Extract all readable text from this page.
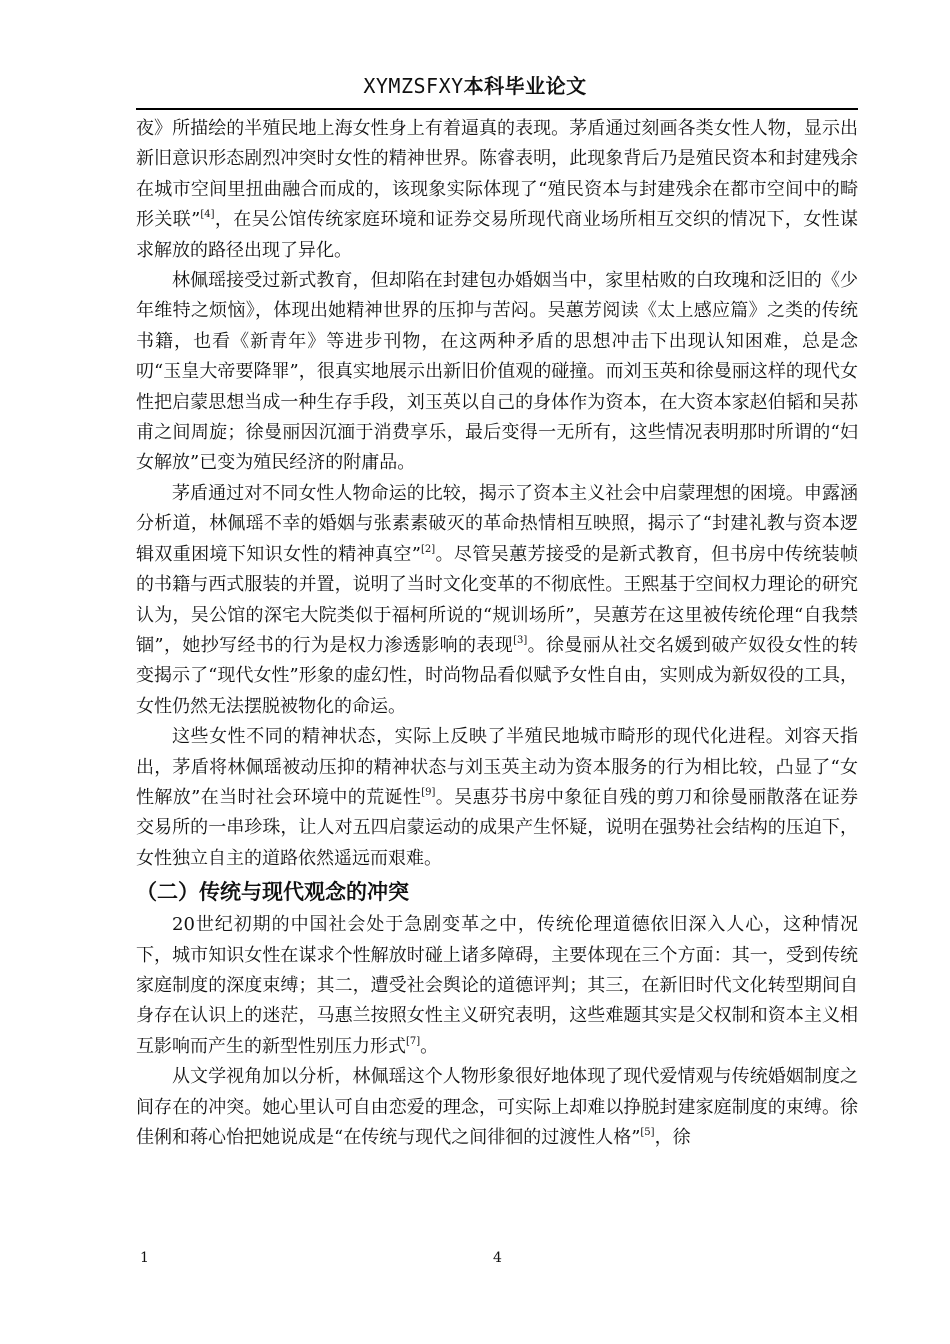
XYMZSFXY本科毕业论文

夜》所描绘的半殖民地上海女性身上有着逼真的表现。茅盾通过刻画各类女性人物，显示出新旧意识形态剧烈冲突时女性的精神世界。陈睿表明，此现象背后乃是殖民资本和封建残余在城市空间里扭曲融合而成的，该现象实际体现了“殖民资本与封建残余在都市空间中的畸形关联”[4]，在吴公馆传统家庭环境和证券交易所现代商业场所相互交织的情况下，女性谋求解放的路径出现了异化。

林佩瑶接受过新式教育，但却陷在封建包办婚姻当中，家里枯败的白玫瑰和泛旧的《少年维特之烦恼》，体现出她精神世界的压抑与苦闷。吴蕙芳阅读《太上感应篇》之类的传统书籍，也看《新青年》等进步刊物，在这两种矛盾的思想冲击下出现认知困难，总是念叨“玉皇大帝要降罪”，很真实地展示出新旧价值观的碰撞。而刘玉英和徐曼丽这样的现代女性把启蒙思想当成一种生存手段，刘玉英以自己的身体作为资本，在大资本家赵伯韬和吴荪甫之间周旋；徐曼丽因沉湎于消费享乐，最后变得一无所有，这些情况表明那时所谓的“妇女解放”已变为殖民经济的附庸品。

茅盾通过对不同女性人物命运的比较，揭示了资本主义社会中启蒙理想的困境。申露涵分析道，林佩瑶不幸的婚姻与张素素破灭的革命热情相互映照，揭示了“封建礼教与资本逻辑双重困境下知识女性的精神真空”[2]。尽管吴蕙芳接受的是新式教育，但书房中传统装帧的书籍与西式服装的并置，说明了当时文化变革的不彻底性。王熙基于空间权力理论的研究认为，吴公馆的深宅大院类似于福柯所说的“规训场所”，吴蕙芳在这里被传统伦理“自我禁锢”，她抄写经书的行为是权力渗透影响的表现[3]。徐曼丽从社交名媛到破产奴役女性的转变揭示了“现代女性”形象的虚幻性，时尚物品看似赋予女性自由，实则成为新奴役的工具，女性仍然无法摆脱被物化的命运。

这些女性不同的精神状态，实际上反映了半殖民地城市畸形的现代化进程。刘容天指出，茅盾将林佩瑶被动压抑的精神状态与刘玉英主动为资本服务的行为相比较，凸显了“女性解放”在当时社会环境中的荒诞性[9]。吴惠芬书房中象征自残的剪刀和徐曼丽散落在证券交易所的一串珍珠，让人对五四启蒙运动的成果产生怀疑，说明在强势社会结构的压迫下，女性独立自主的道路依然遥远而艰难。

（二）传统与现代观念的冲突

20世纪初期的中国社会处于急剧变革之中，传统伦理道德依旧深入人心，这种情况下，城市知识女性在谋求个性解放时碰上诸多障碍，主要体现在三个方面：其一，受到传统家庭制度的深度束缚；其二，遭受社会舆论的道德评判；其三，在新旧时代文化转型期间自身存在认识上的迷茫，马惠兰按照女性主义研究表明，这些难题其实是父权制和资本主义相互影响而产生的新型性别压力形式[7]。

从文学视角加以分析，林佩瑶这个人物形象很好地体现了现代爱情观与传统婚姻制度之间存在的冲突。她心里认可自由恋爱的理念，可实际上却难以挣脱封建家庭制度的束缚。徐佳俐和蒋心怡把她说成是“在传统与现代之间徘徊的过渡性人格”[5]，徐

1	4
